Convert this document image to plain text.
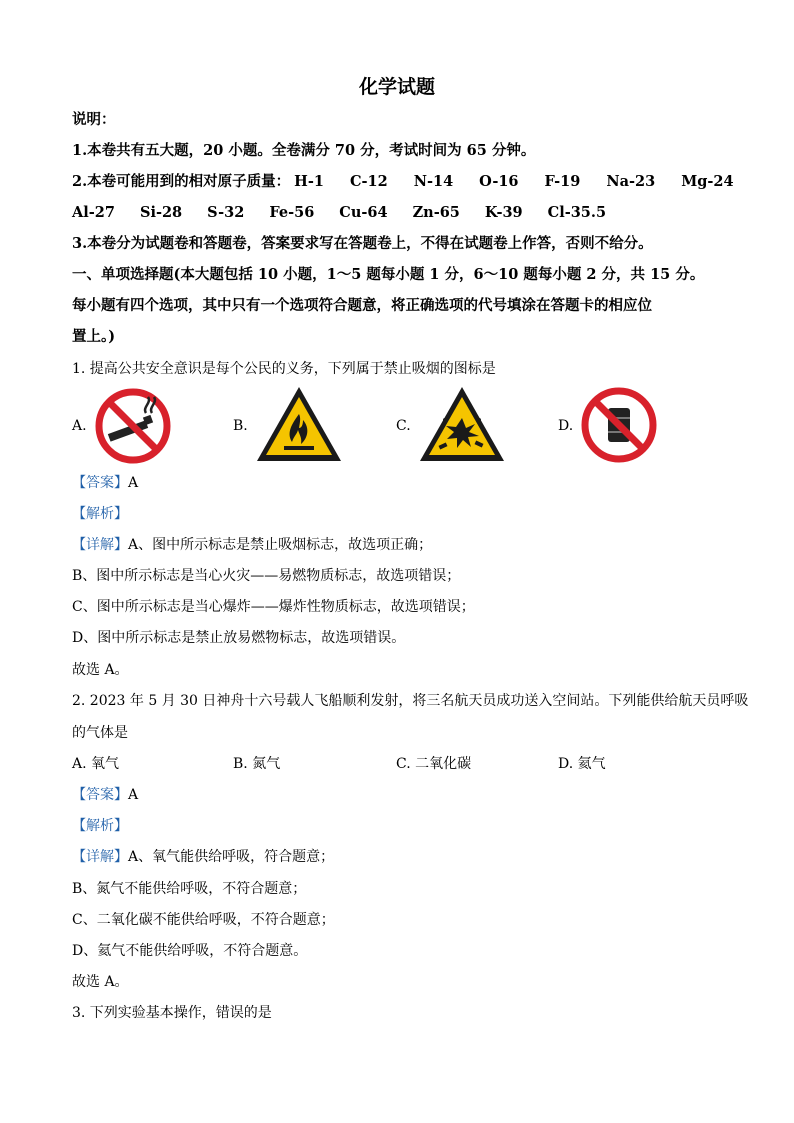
化学试题
说明：
1.本卷共有五大题，20 小题。全卷满分 70 分，考试时间为 65 分钟。
2.本卷可能用到的相对原子质量： H-1 C-12 N-14 O-16 F-19 Na-23 Mg-24
Al-27 Si-28 S-32 Fe-56 Cu-64 Zn-65 K-39 Cl-35.5
3.本卷分为试题卷和答题卷，答案要求写在答题卷上，不得在试题卷上作答，否则不给分。
一、单项选择题(本大题包括 10 小题，1～5 题每小题 1 分，6～10 题每小题 2 分，共 15 分。
每小题有四个选项，其中只有一个选项符合题意，将正确选项的代号填涂在答题卡的相应位
置上。)
1. 提高公共安全意识是每个公民的义务，下列属于禁止吸烟的图标是
A.	B.	C.	D.
【答案】A
【解析】
【详解】A、图中所示标志是禁止吸烟标志，故选项正确；
B、图中所示标志是当心火灾——易燃物质标志，故选项错误；
C、图中所示标志是当心爆炸——爆炸性物质标志，故选项错误；
D、图中所示标志是禁止放易燃物标志，故选项错误。
故选 A。
2. 2023 年 5 月 30 日神舟十六号载人飞船顺利发射，将三名航天员成功送入空间站。下列能供给航天员呼吸
的气体是
A. 氧气	B. 氮气	C. 二氧化碳	D. 氦气
【答案】A
【解析】
【详解】A、氧气能供给呼吸，符合题意；
B、氮气不能供给呼吸，不符合题意；
C、二氧化碳不能供给呼吸，不符合题意；
D、氦气不能供给呼吸，不符合题意。
故选 A。
3. 下列实验基本操作，错误的是
